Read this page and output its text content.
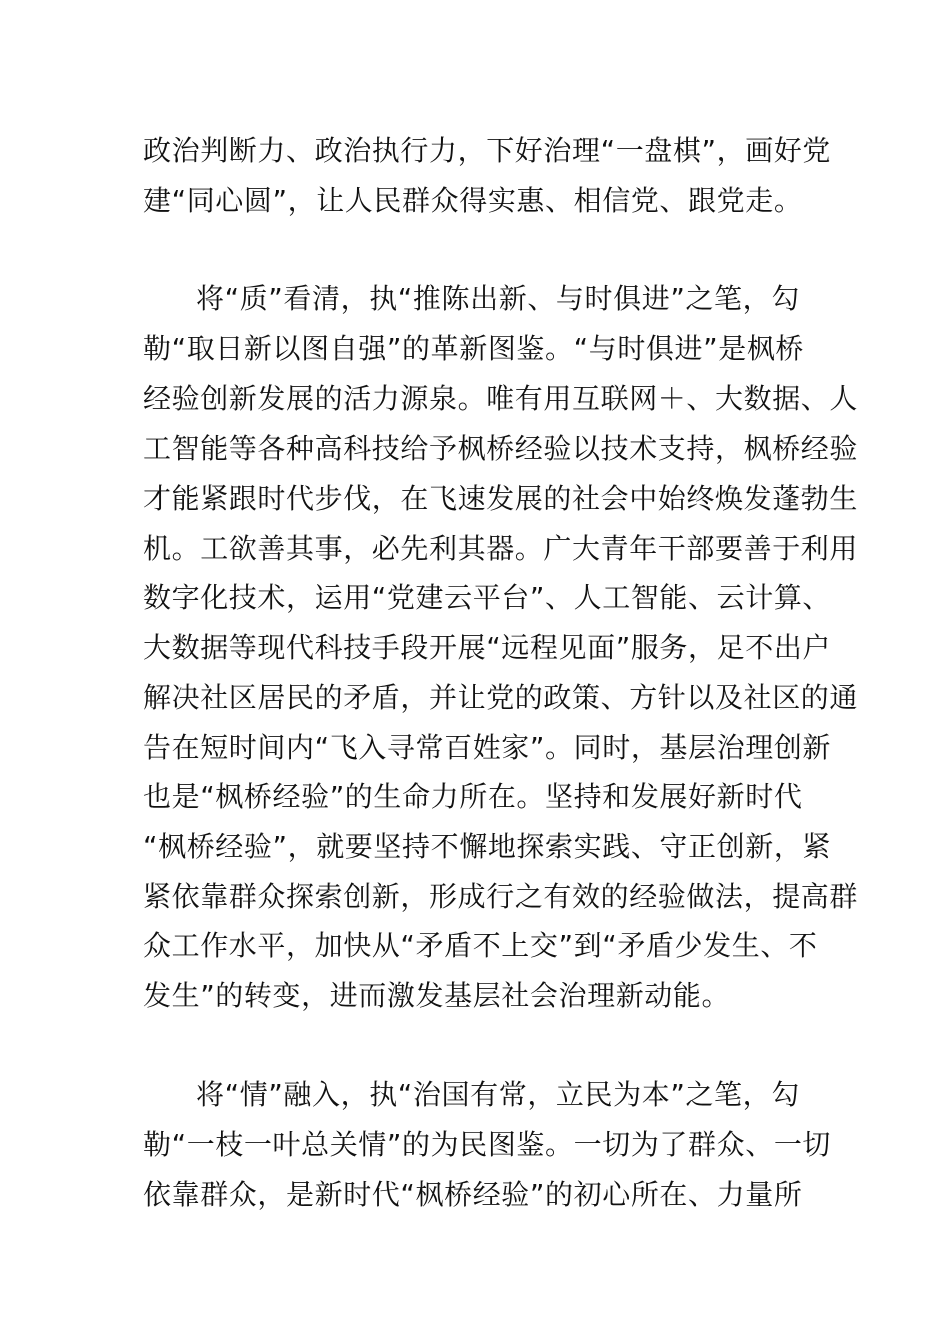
政治判断力、政治执行力，下好治理“一盘棋”，画好党
建“同心圆”，让人民群众得实惠、相信党、跟党走。
将“质”看清，执“推陈出新、与时俱进”之笔，勾
勒“取日新以图自强”的革新图鉴。“与时俱进”是枫桥
经验创新发展的活力源泉。唯有用互联网＋、大数据、人
工智能等各种高科技给予枫桥经验以技术支持，枫桥经验
才能紧跟时代步伐，在飞速发展的社会中始终焕发蓬勃生
机。工欲善其事，必先利其器。广大青年干部要善于利用
数字化技术，运用“党建云平台”、人工智能、云计算、
大数据等现代科技手段开展“远程见面”服务，足不出户
解决社区居民的矛盾，并让党的政策、方针以及社区的通
告在短时间内“飞入寻常百姓家”。同时，基层治理创新
也是“枫桥经验”的生命力所在。坚持和发展好新时代
“枫桥经验”，就要坚持不懈地探索实践、守正创新，紧
紧依靠群众探索创新，形成行之有效的经验做法，提高群
众工作水平，加快从“矛盾不上交”到“矛盾少发生、不
发生”的转变，进而激发基层社会治理新动能。
将“情”融入，执“治国有常，立民为本”之笔，勾
勒“一枝一叶总关情”的为民图鉴。一切为了群众、一切
依靠群众，是新时代“枫桥经验”的初心所在、力量所
